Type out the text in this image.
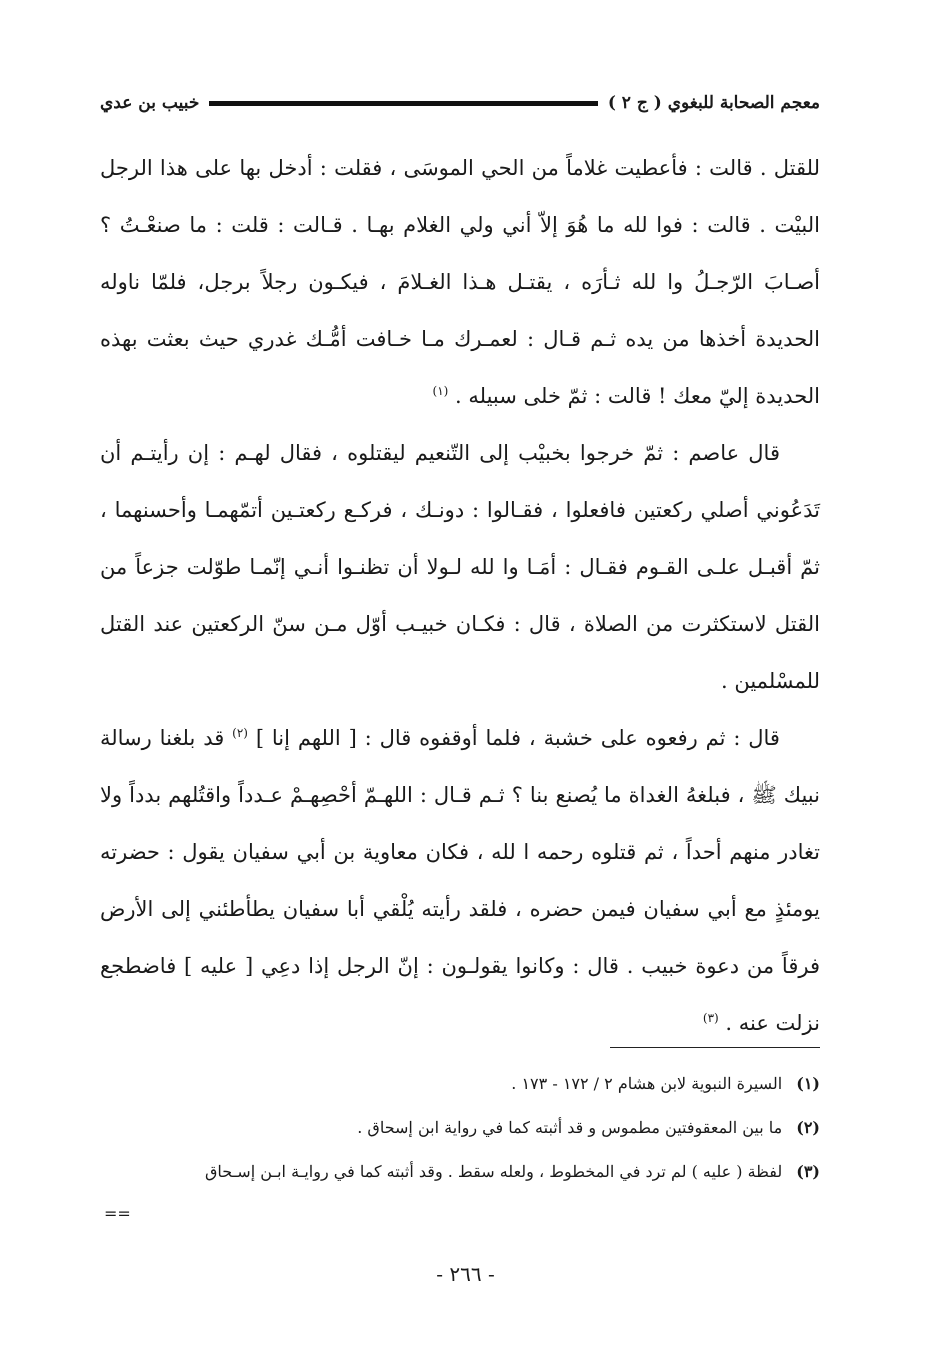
معجم الصحابة للبغوي ( ج ٢ )
خبيب بن عدي

للقتل . قالت : فأعطيت غلاماً من الحي الموسَى ، فقلت : أدخل بها على هذا الرجل البيْت . قالت : فوا لله ما هُوَ إلاّ أني ولي الغلام بهـا . قـالت : قلت : ما صنعْـتُ ؟ أصـابَ الرّجـلُ وا لله ثـأرَه ، يقتـل هـذا الغـلامَ ، فيكـون رجلاً برجل، فلمّا ناوله الحديدة أخذها من يده ثـم قـال : لعمـرك مـا خـافت أمُّـك غدري حيث بعثت بهذه الحديدة إليّ معك ! قالت : ثمّ خلى سبيله . $^{(١)}$

قال عاصم : ثمّ خرجوا بخبيْب إلى التّنعيم ليقتلوه ، فقال لهـم : إن رأيتـم أن تَدَعُوني أصلي ركعتين فافعلوا ، فقـالوا : دونـك ، فركـع ركعتـين أتمّهمـا وأحسنهما ، ثمّ أقبـل علـى القـوم فقـال : أمَـا وا لله لـولا أن تظنـوا أنـي إنّمـا طوّلت جزعاً من القتل لاستكثرت من الصلاة ، قال : فكـان خبيـب أوّل مـن سنّ الركعتين عند القتل للمسْلمين .

قال : ثم رفعوه على خشبة ، فلما أوقفوه قال : [ اللهم إنا ] $^{(٢)}$ قد بلغنا رسالة نبيك ﷺ ، فبلغهُ الغداة ما يُصنع بنا ؟ ثـم قـال : اللهـمّ أحْصِهـمْ عـدداً واقتُلهم بدداً ولا تغادر منهم أحداً ، ثم قتلوه رحمه ا لله ، فكان معاوية بن أبي سفيان يقول : حضرته يومئذٍ مع أبي سفيان فيمن حضره ، فلقد رأيته يُلْقي أبا سفيان يطأطئني إلى الأرض فرقاً من دعوة خبيب . قال : وكانوا يقولـون : إنّ الرجل إذا دعِي [ عليه ] فاضطجع نزلت عنه . $^{(٣)}$

(١)السيرة النبوية لابن هشام ٢ / ١٧٢ - ١٧٣ .
(٢)ما بين المعقوفتين مطموس و قد أثبته كما في رواية ابن إسحاق .
(٣)لفظة ( عليه ) لم ترد في المخطوط ، ولعله سقط . وقد أثبته كما في روايـة ابـن إسـحاق
==
- ٢٦٦ -
